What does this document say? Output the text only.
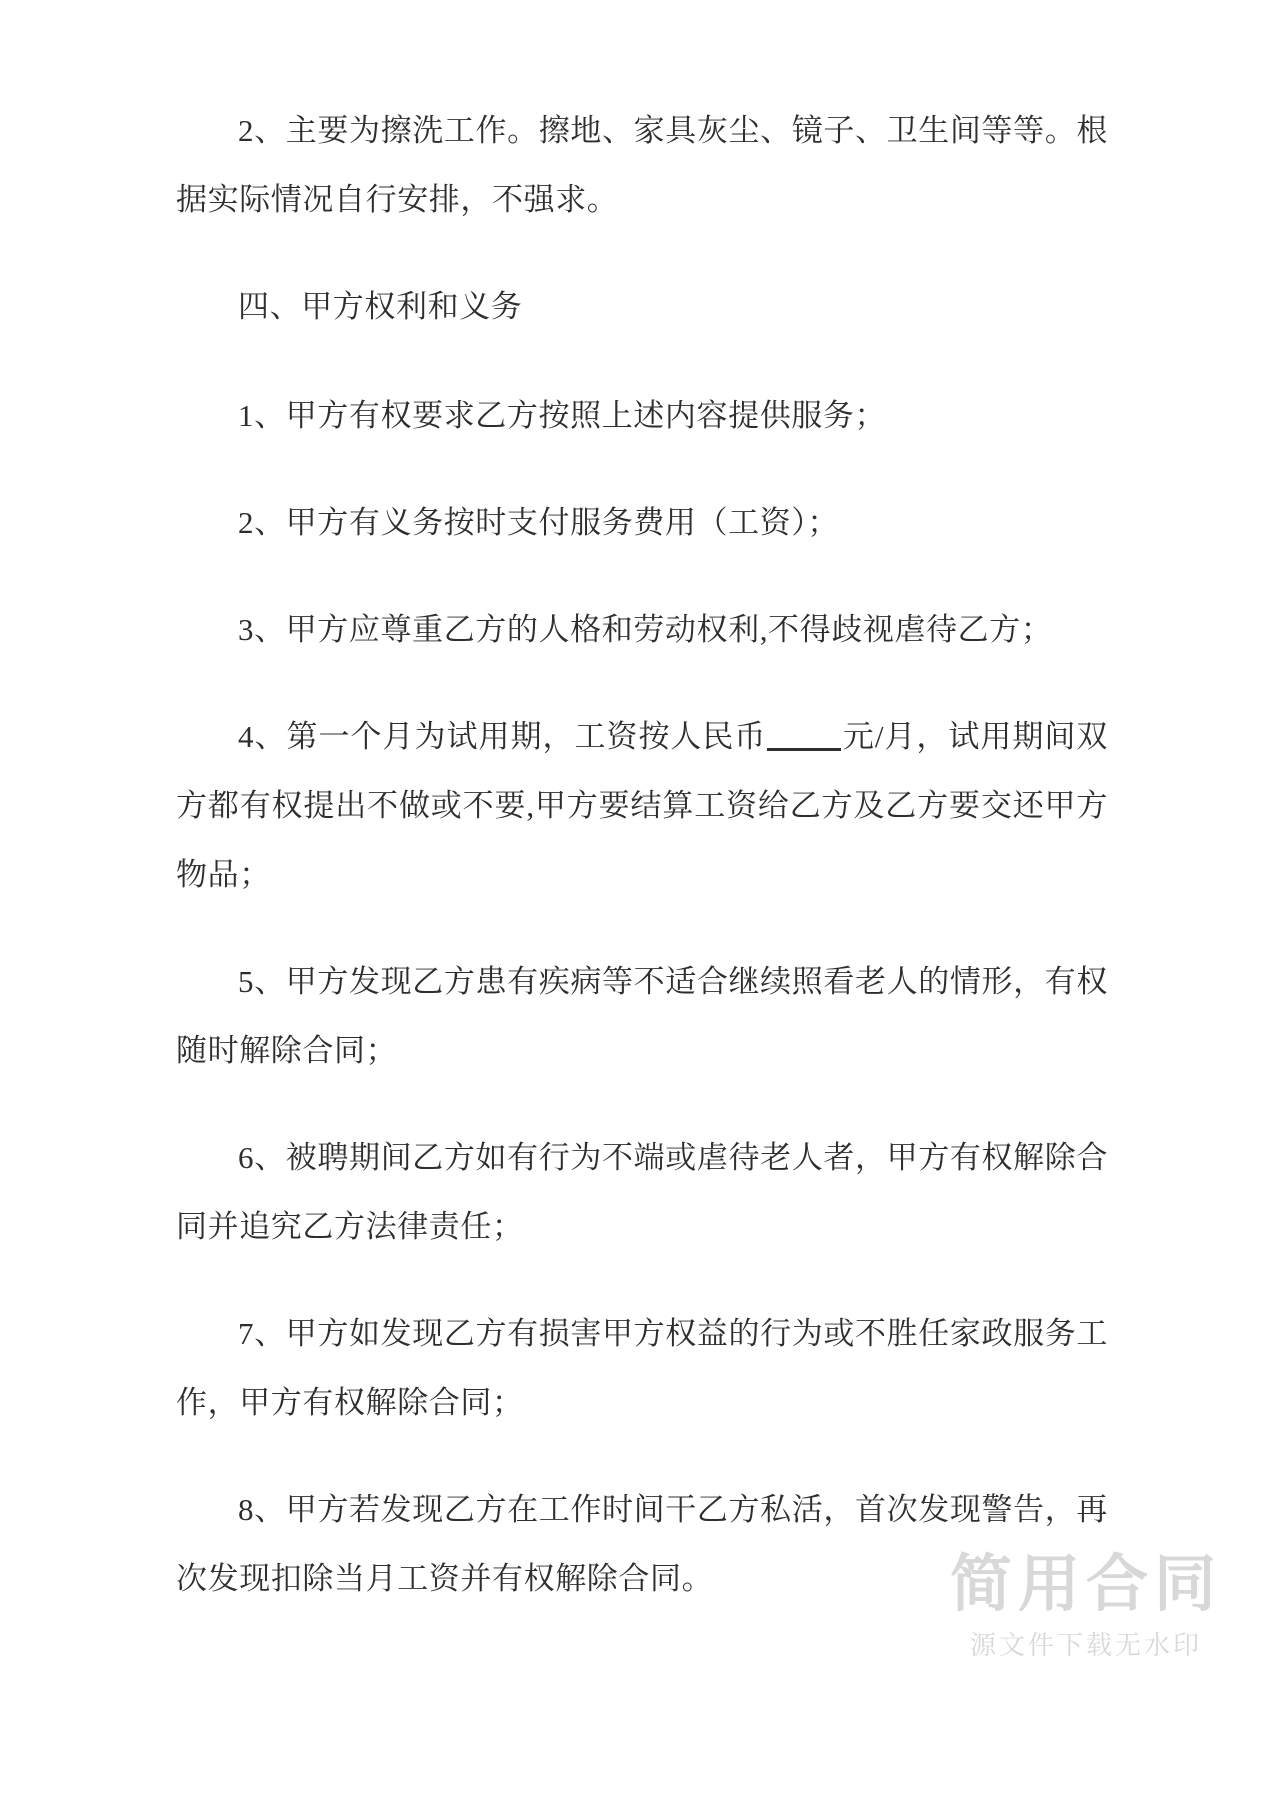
2、主要为擦洗工作。擦地、家具灰尘、镜子、卫生间等等。根据实际情况自行安排，不强求。

四、甲方权利和义务

1、甲方有权要求乙方按照上述内容提供服务；

2、甲方有义务按时支付服务费用（工资）；

3、甲方应尊重乙方的人格和劳动权利,不得歧视虐待乙方；

4、第一个月为试用期，工资按人民币 元/月，试用期间双方都有权提出不做或不要,甲方要结算工资给乙方及乙方要交还甲方物品；

5、甲方发现乙方患有疾病等不适合继续照看老人的情形，有权随时解除合同；

6、被聘期间乙方如有行为不端或虐待老人者，甲方有权解除合同并追究乙方法律责任；

7、甲方如发现乙方有损害甲方权益的行为或不胜任家政服务工作，甲方有权解除合同；

8、甲方若发现乙方在工作时间干乙方私活，首次发现警告，再次发现扣除当月工资并有权解除合同。	简用合同
源文件下载无水印
